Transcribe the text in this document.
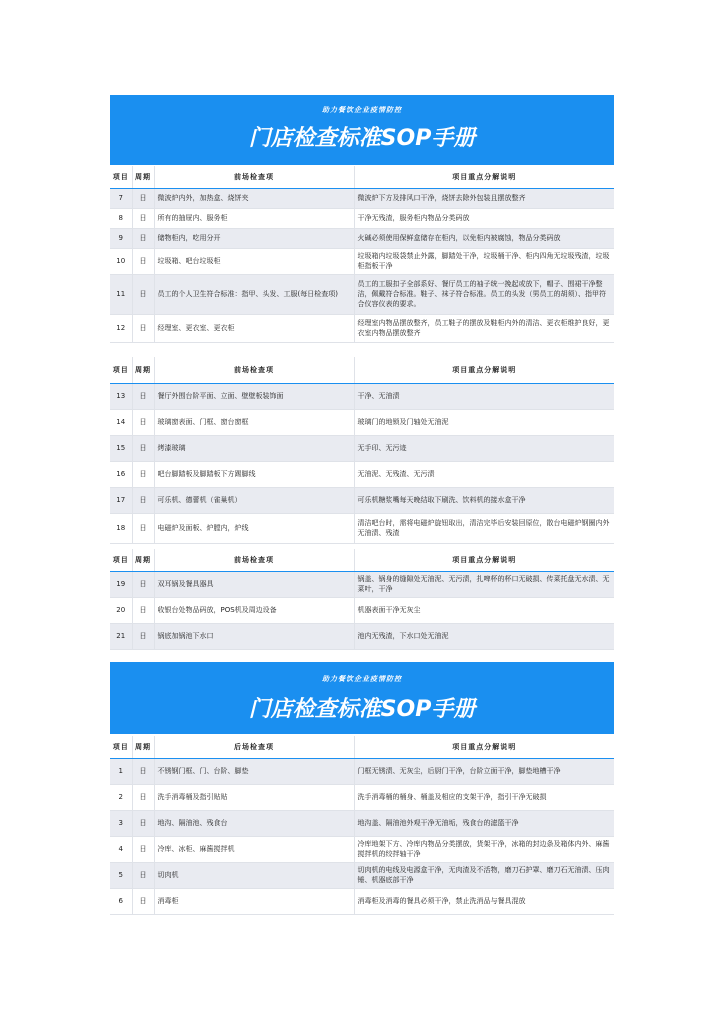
助力餐饮企业疫情防控
门店检查标准SOP手册
项目	周期	前场检查项	项目重点分解说明
7	日	微波炉内外，加热盒、烧饼夹	微波炉下方及排风口干净，烧饼去除外包装且摆放整齐
8	日	所有的抽屉内、服务柜	干净无残渣，服务柜内物品分类码放
9	日	储物柜内，吃用分开	火碱必须使用保鲜盒储存在柜内，以免柜内被腐蚀，物品分类码放
10	日	垃圾箱、吧台垃圾柜	垃圾箱内垃圾袋禁止外露，脚踏处干净，垃圾桶干净、柜内四角无垃圾残渣，垃圾柜指板干净
11	日	员工的个人卫生符合标准：指甲、头发、工服(每日检查项)	员工的工服扣子全部系好、餐厅员工的袖子统一挽起或放下，帽子、围裙干净整洁，佩戴符合标准。鞋子、袜子符合标准。员工的头发（男员工的胡须）、指甲符合仪容仪表的要求。
12	日	经理室、更衣室、更衣柜	经理室内物品摆放整齐，员工鞋子的摆放及鞋柜内外的清洁、更衣柜维护良好，更衣室内物品摆放整齐
项目	周期	前场检查项	项目重点分解说明
13	日	餐厅外围台阶平面、立面、壁壁板装饰面	干净、无油渍
14	日	玻璃窗表面、门框、窗台窗框	玻璃门的地锁及门轴处无油泥
15	日	烤漆玻璃	无手印、无污迹
16	日	吧台脚踏板及脚踏板下方踢脚线	无油泥、无残渣、无污渍
17	日	可乐机、德蕾机（雀巢机）	可乐机糖浆嘴每天晚结取下刷洗、饮料机的接水盒干净
18	日	电磁炉及面板、炉膛内，炉线	清洁吧台时，需将电磁炉旋钮取出，清洁完毕后安装回原位，散台电磁炉钢圈内外无油渍、残渣
项目	周期	前场检查项	项目重点分解说明
19	日	双耳锅及餐具器具	锅盖、锅身的缝隙处无油泥、无污渍，扎啤杯的杯口无破损、传菜托盘无水渍、无菜叶，干净
20	日	收银台处物品码放，POS机及周边设备	机器表面干净无灰尘
21	日	锅底加锅池下水口	池内无残渣，下水口处无油泥
助力餐饮企业疫情防控
门店检查标准SOP手册
项目	周期	后场检查项	项目重点分解说明
1	日	不锈钢门框、门、台阶、脚垫	门框无锈渍、无灰尘，后厨门干净，台阶立面干净，脚垫地槽干净
2	日	洗手消毒桶及指引贴贴	洗手消毒桶的桶身、桶盖及相应的支架干净，指引干净无破损
3	日	地沟、隔油池、残食台	地沟盖、隔油池外观干净无油垢，残食台的滤篮干净
4	日	冷库、冰柜、麻酱搅拌机	冷库地架下方、冷库内物品分类摆放，货架干净，冰箱的封边条及箱体内外、麻酱搅拌机的绞拌轴干净
5	日	切肉机	切肉机的电线及电源盒干净，无肉渣及不活物，磨刀石护罩、磨刀石无油渍、压肉锤、机器底部干净
6	日	消毒柜	消毒柜及消毒的餐具必须干净，禁止洗消品与餐具混放
